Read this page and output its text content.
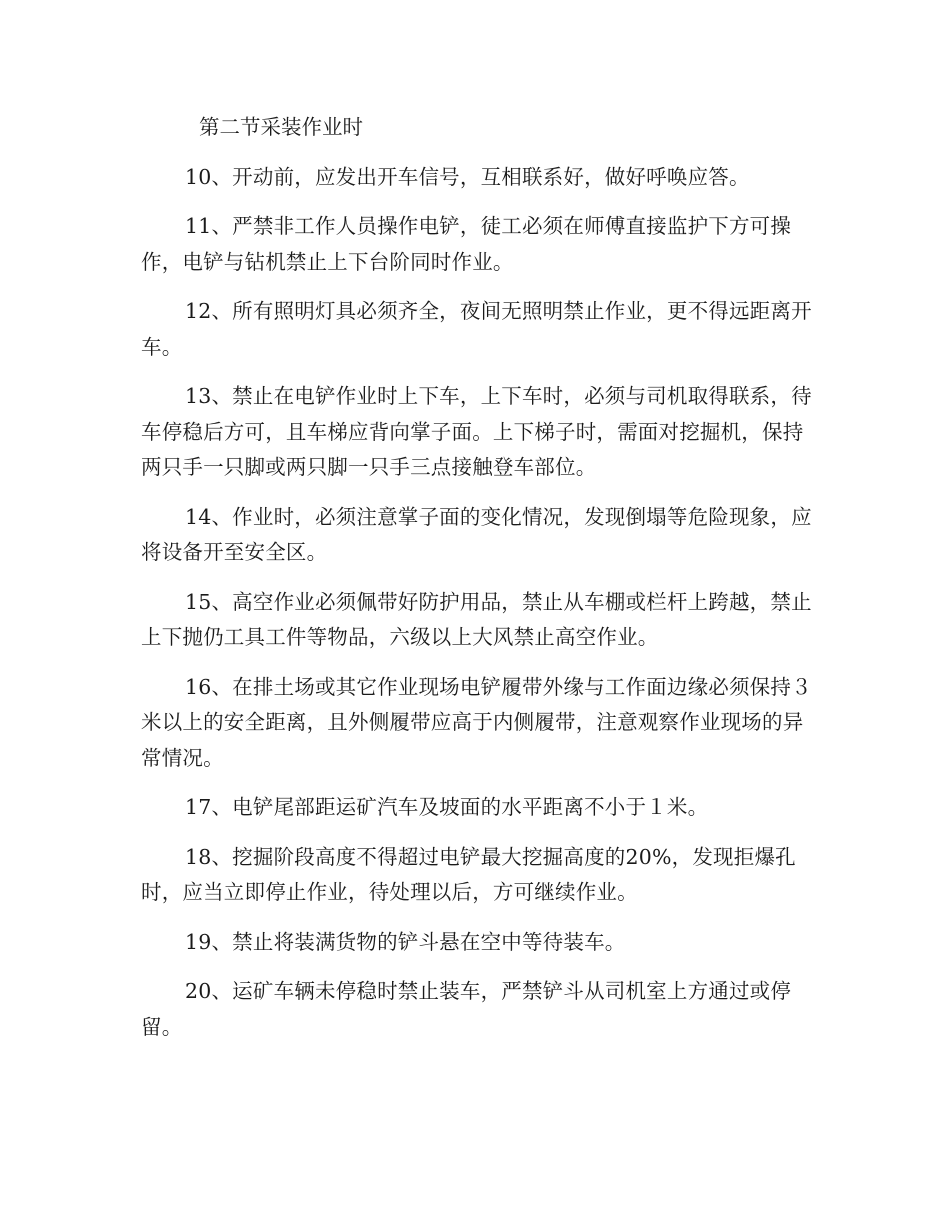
第二节采装作业时

10、开动前，应发出开车信号，互相联系好，做好呼唤应答。

11、严禁非工作人员操作电铲，徒工必须在师傅直接监护下方可操作，电铲与钻机禁止上下台阶同时作业。

12、所有照明灯具必须齐全，夜间无照明禁止作业，更不得远距离开车。

13、禁止在电铲作业时上下车，上下车时，必须与司机取得联系，待车停稳后方可，且车梯应背向掌子面。上下梯子时，需面对挖掘机，保持两只手一只脚或两只脚一只手三点接触登车部位。

14、作业时，必须注意掌子面的变化情况，发现倒塌等危险现象，应将设备开至安全区。

15、高空作业必须佩带好防护用品，禁止从车棚或栏杆上跨越，禁止上下抛仍工具工件等物品，六级以上大风禁止高空作业。

16、在排土场或其它作业现场电铲履带外缘与工作面边缘必须保持３米以上的安全距离，且外侧履带应高于内侧履带，注意观察作业现场的异常情况。

17、电铲尾部距运矿汽车及坡面的水平距离不小于１米。

18、挖掘阶段高度不得超过电铲最大挖掘高度的20%，发现拒爆孔时，应当立即停止作业，待处理以后，方可继续作业。

19、禁止将装满货物的铲斗悬在空中等待装车。

20、运矿车辆未停稳时禁止装车，严禁铲斗从司机室上方通过或停留。
